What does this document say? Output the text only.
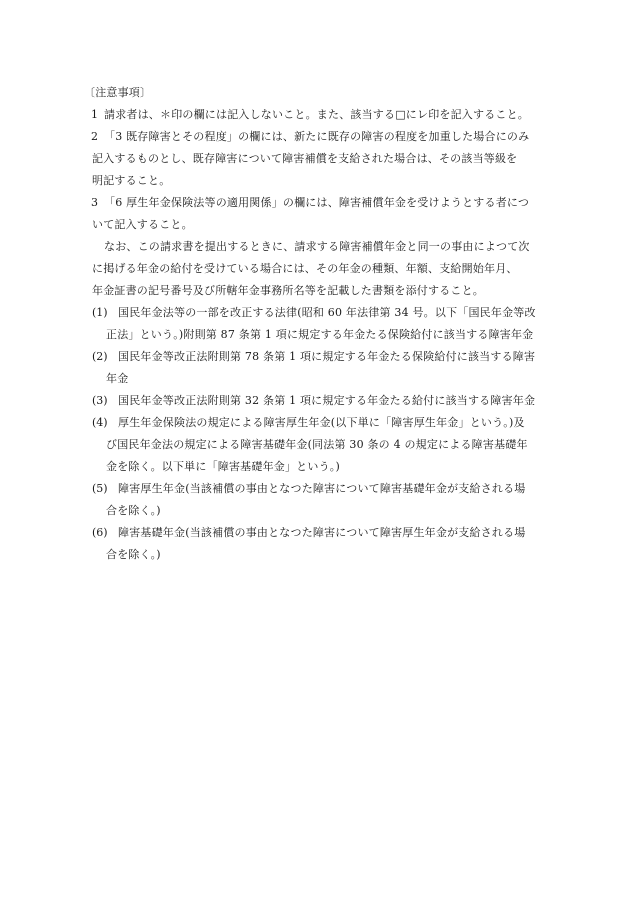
〔注意事項〕
1 請求者は、＊印の欄には記入しないこと。また、該当する□にレ印を記入すること。
2 「3 既存障害とその程度」の欄には、新たに既存の障害の程度を加重した場合にのみ
記入するものとし、既存障害について障害補償を支給された場合は、その該当等級を
明記すること。
3 「6 厚生年金保険法等の適用関係」の欄には、障害補償年金を受けようとする者につ
いて記入すること。
なお、この請求書を提出するときに、請求する障害補償年金と同一の事由によつて次
に掲げる年金の給付を受けている場合には、その年金の種類、年額、支給開始年月、
年金証書の記号番号及び所轄年金事務所名等を記載した書類を添付すること。
(1) 国民年金法等の一部を改正する法律(昭和 60 年法律第 34 号。以下「国民年金等改
正法」という。)附則第 87 条第 1 項に規定する年金たる保険給付に該当する障害年金
(2) 国民年金等改正法附則第 78 条第 1 項に規定する年金たる保険給付に該当する障害
年金
(3) 国民年金等改正法附則第 32 条第 1 項に規定する年金たる給付に該当する障害年金
(4) 厚生年金保険法の規定による障害厚生年金(以下単に「障害厚生年金」という。)及
び国民年金法の規定による障害基礎年金(同法第 30 条の 4 の規定による障害基礎年
金を除く。以下単に「障害基礎年金」という。)
(5) 障害厚生年金(当該補償の事由となつた障害について障害基礎年金が支給される場
合を除く。)
(6) 障害基礎年金(当該補償の事由となつた障害について障害厚生年金が支給される場
合を除く。)
